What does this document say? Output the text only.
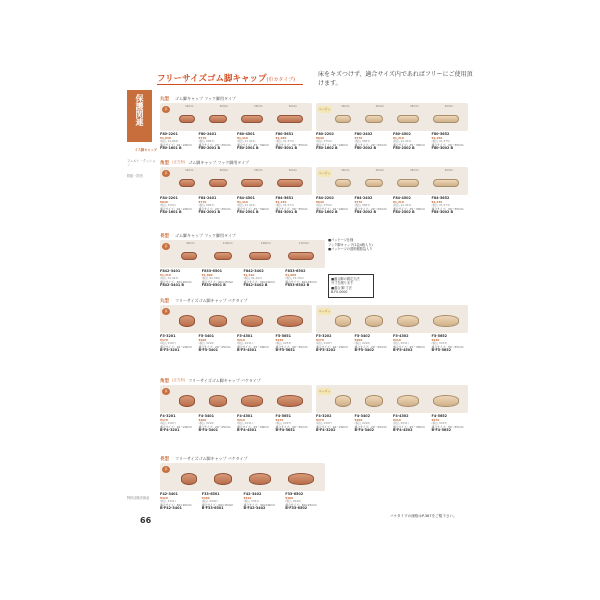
フリーサイズゴム脚キャップ(巾カタイプ)
床をキズつけず、適合サイズ内であればフリーにご使用頂けます。
保護関連
イス脚キャップ
フェルト・クッション
防振・防音
特約店販売商品
66
丸型 ゴム脚キャップ フック脚用タイプ
茶
16mm	20mm	25mm	30mm
F80-2201
¥1,640
(税込 ¥1,804)
適合サイズ：16〜20mm
F80-1601 B
F80-2401
¥770
(税込 ¥847)
適合サイズ：20〜25mm
F80-2001 B
F80-4501
¥1,310
(税込 ¥1,441)
適合サイズ：25〜30mm
F80-2501 B
F80-5651
¥1,250
(税込 ¥1,375)
適合サイズ：30〜35mm
F80-3001 B
ベージュ
16mm	20mm	25mm	30mm
F80-2202
¥640
(税込 ¥704)
適合サイズ：16〜20mm
F80-1602 B
F80-2402
¥770
(税込 ¥847)
適合サイズ：20〜25mm
F80-2002 B
F80-4502
¥1,310
(税込 ¥1,441)
適合サイズ：25〜30mm
F80-2502 B
F80-5652
¥1,250
(税込 ¥1,375)
適合サイズ：30〜35mm
F80-3002 B
角型 (正方形) ゴム脚キャップ フック脚用タイプ
茶
16mm	20mm	25mm	30mm
F84-2201
¥640
(税込 ¥704)
適合サイズ：16〜20mm
F84-1601 B
F84-2401
¥770
(税込 ¥847)
適合サイズ：20〜25mm
F84-2001 B
F84-4501
¥1,310
(税込 ¥1,441)
適合サイズ：25〜30mm
F84-2501 B
F84-5651
¥1,430
(税込 ¥1,573)
適合サイズ：30〜35mm
F84-3001 B
ベージュ
16mm	20mm	25mm	30mm
F84-2202
¥640
(税込 ¥704)
適合サイズ：16〜20mm
F84-1602 B
F84-2402
¥770
(税込 ¥847)
適合サイズ：20〜25mm
F84-2002 B
F84-4502
¥1,310
(税込 ¥1,441)
適合サイズ：25〜30mm
F84-2502 B
F84-5652
¥1,430
(税込 ¥1,573)
適合サイズ：30〜35mm
F84-3002 B
長型 ゴム脚キャップ フック脚用タイプ
茶
30mm	110mm	140mm	110mm
F842-3401
¥1,310
(税込 ¥1,441)
適合サイズ：30×10mm
F842-3401 B
F833-6501
¥1,600
(税込 ¥1,760)
適合サイズ：60×15mm
F833-6501 B
F842-3402
¥1,310
(税込 ¥1,441)
適合サイズ：30×10mm
F842-3402 B
F833-6502
¥1,600
(税込 ¥1,760)
適合サイズ：60×15mm
F833-6502 B
丸型 フリーサイズゴム脚キャップ バケタイプ
茶
F5-3201
¥170
(税込 ¥187)
適合サイズ：16〜20mm
B-F5-3201
F5-3401
¥200
(税込 ¥220)
適合サイズ：20〜25mm
B-F5-3401
F5-4501
¥210
(税込 ¥231)
適合サイズ：25〜30mm
B-F5-4501
F5-5651
¥230
(税込 ¥253)
適合サイズ：30〜35mm
B-F5-5651
ベージュ
F5-3202
¥170
(税込 ¥187)
適合サイズ：16〜20mm
B-F5-3202
F5-3402
¥200
(税込 ¥220)
適合サイズ：20〜25mm
B-F5-3402
F5-4502
¥210
(税込 ¥231)
適合サイズ：25〜30mm
B-F5-4502
F5-5652
¥230
(税込 ¥253)
適合サイズ：30〜35mm
B-F5-5652
角型 (正方形) フリーサイズゴム脚キャップ バケタイプ
茶
F4-3201
¥170
(税込 ¥187)
適合サイズ：16〜20mm
B-F4-3201
F4-3401
¥200
(税込 ¥220)
適合サイズ：20〜25mm
B-F4-3401
F4-4501
¥210
(税込 ¥231)
適合サイズ：25〜30mm
B-F4-4501
F4-5651
¥270
(税込 ¥297)
適合サイズ：30〜35mm
B-F4-5651
ベージュ
F4-3202
¥170
(税込 ¥187)
適合サイズ：16〜20mm
B-F4-3202
F4-3402
¥200
(税込 ¥220)
適合サイズ：20〜25mm
B-F4-3402
F4-4502
¥210
(税込 ¥231)
適合サイズ：25〜30mm
B-F4-4502
F4-5652
¥270
(税込 ¥297)
適合サイズ：30〜35mm
B-F4-5652
長型 フリーサイズゴム脚キャップ バケタイプ
茶
F42-3401
¥310
(税込 ¥341)
適合サイズ：30×10mm
B-F42-3401
F33-6501
¥400
(税込 ¥440)
適合サイズ：60×15mm
B-F33-6501
F42-3402
¥310
(税込 ¥341)
適合サイズ：30×10mm
B-F42-3402
F33-6502
¥400
(税込 ¥440)
適合サイズ：60×15mm
B-F33-6502
■パッケージ仕様
フック脚キャップ(1袋4個入り)
■パッケージの透明樹脂袋入り
■適合脚の測定方法
外寸を測ります
■適合 脚 寸法
B-F0-0000
バケタイプの価格はP.367をご覧下さい。
